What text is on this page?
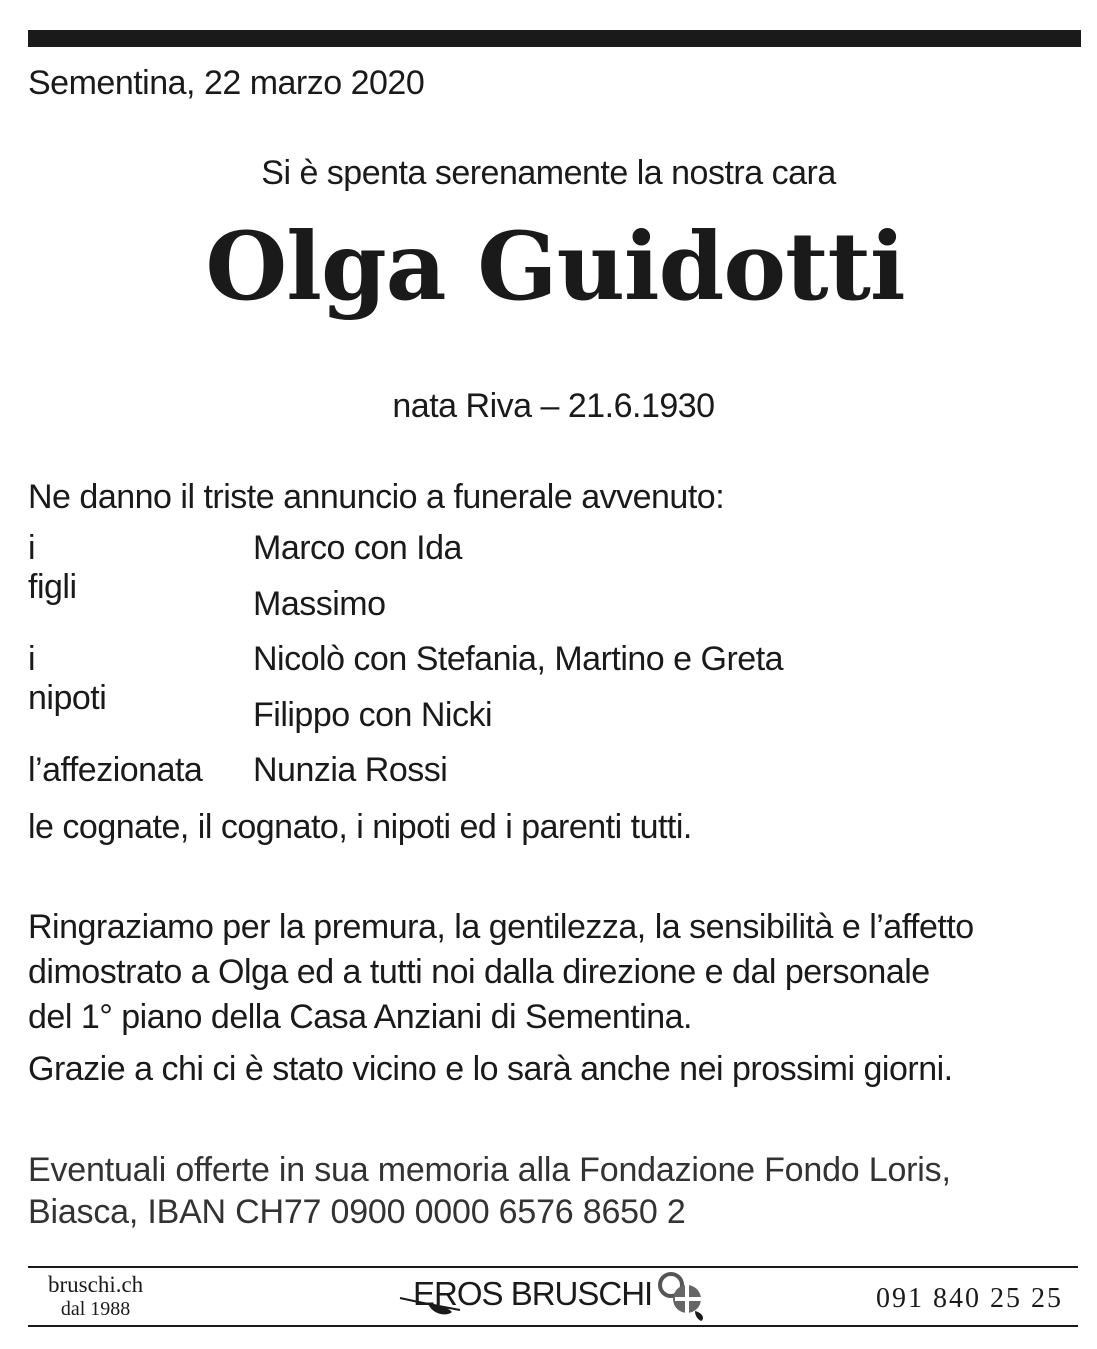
Sementina, 22 marzo 2020
Si è spenta serenamente la nostra cara
Olga Guidotti
nata Riva – 21.6.1930
Ne danno il triste annuncio a funerale avvenuto:
i figli
Marco con Ida
Massimo
i nipoti
Nicolò con Stefania, Martino e Greta
Filippo con Nicki
l’affezionata Nunzia Rossi
le cognate, il cognato, i nipoti ed i parenti tutti.
Ringraziamo per la premura, la gentilezza, la sensibilità e l’affetto
dimostrato a Olga ed a tutti noi dalla direzione e dal personale
del 1° piano della Casa Anziani di Sementina.
Grazie a chi ci è stato vicino e lo sarà anche nei prossimi giorni.
Eventuali offerte in sua memoria alla Fondazione Fondo Loris,
Biasca, IBAN CH77 0900 0000 6576 8650 2
bruschi.ch
dal 1988	EROS BRUSCHI	091 840 25 25
